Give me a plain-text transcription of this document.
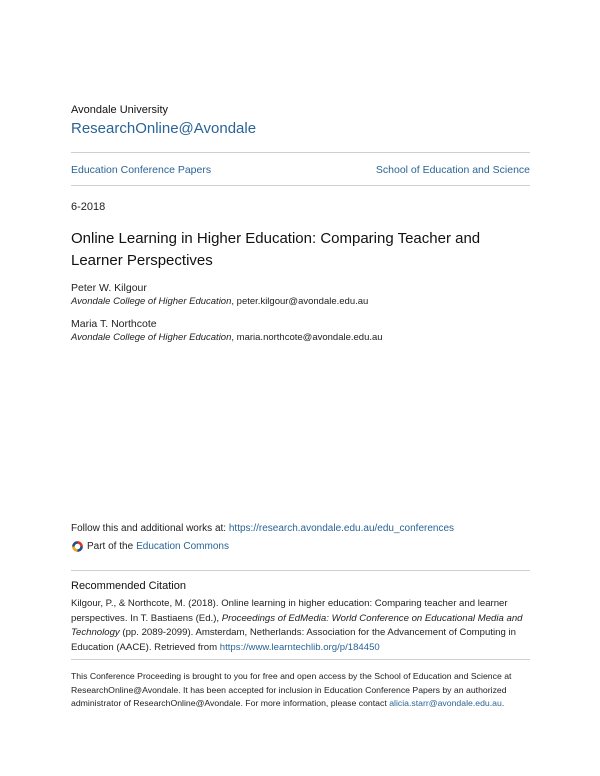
Avondale University
ResearchOnline@Avondale
Education Conference Papers	School of Education and Science
6-2018
Online Learning in Higher Education: Comparing Teacher and Learner Perspectives
Peter W. Kilgour
Avondale College of Higher Education, peter.kilgour@avondale.edu.au
Maria T. Northcote
Avondale College of Higher Education, maria.northcote@avondale.edu.au
Follow this and additional works at: https://research.avondale.edu.au/edu_conferences
Part of the Education Commons
Recommended Citation
Kilgour, P., & Northcote, M. (2018). Online learning in higher education: Comparing teacher and learner perspectives. In T. Bastiaens (Ed.), Proceedings of EdMedia: World Conference on Educational Media and Technology (pp. 2089-2099). Amsterdam, Netherlands: Association for the Advancement of Computing in Education (AACE). Retrieved from https://www.learntechlib.org/p/184450
This Conference Proceeding is brought to you for free and open access by the School of Education and Science at ResearchOnline@Avondale. It has been accepted for inclusion in Education Conference Papers by an authorized administrator of ResearchOnline@Avondale. For more information, please contact alicia.starr@avondale.edu.au.
